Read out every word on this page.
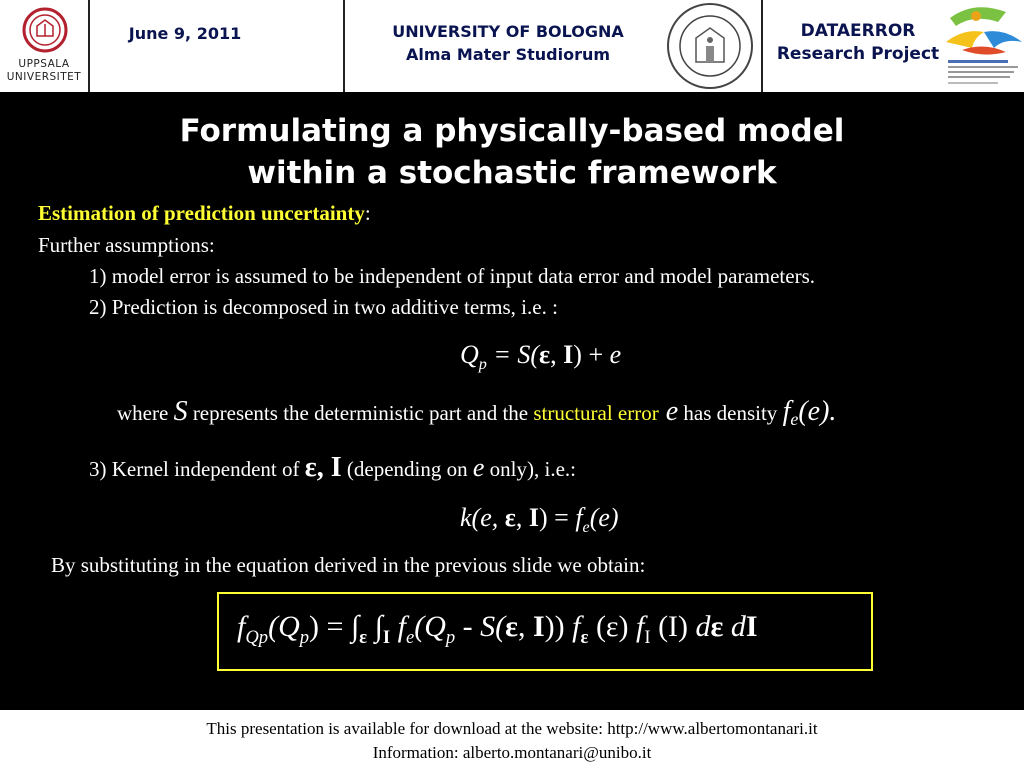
UPPSALA
UNIVERSITET
June 9, 2011	UNIVERSITY OF BOLOGNA
Alma Mater Studiorum
DATAERROR
Research Project
Formulating a physically-based model
within a stochastic framework
Estimation of prediction uncertainty:
Further assumptions:
1) model error is assumed to be independent of input data error and model parameters.
2) Prediction is decomposed in two additive terms, i.e. :
$Q_p = S(\varepsilon$, I) + e
where S represents the deterministic part and the structural error e has density $f_e(e)$.
3) Kernel independent of ε, I (depending on e only), i.e.:
k(e, ε, $I) = f_e(e)$
By substituting in the equation derived in the previous slide we obtain:
$f_{Qp}(Q_p) = \int_\varepsilon$ $\int_I$ $f_e(Q_p - S(\varepsilon$, I)) $f_\varepsilon$ (ε) $f_I$ (I) dε dI
This presentation is available for download at the website: http://www.albertomontanari.it
Information: alberto.montanari@unibo.it
